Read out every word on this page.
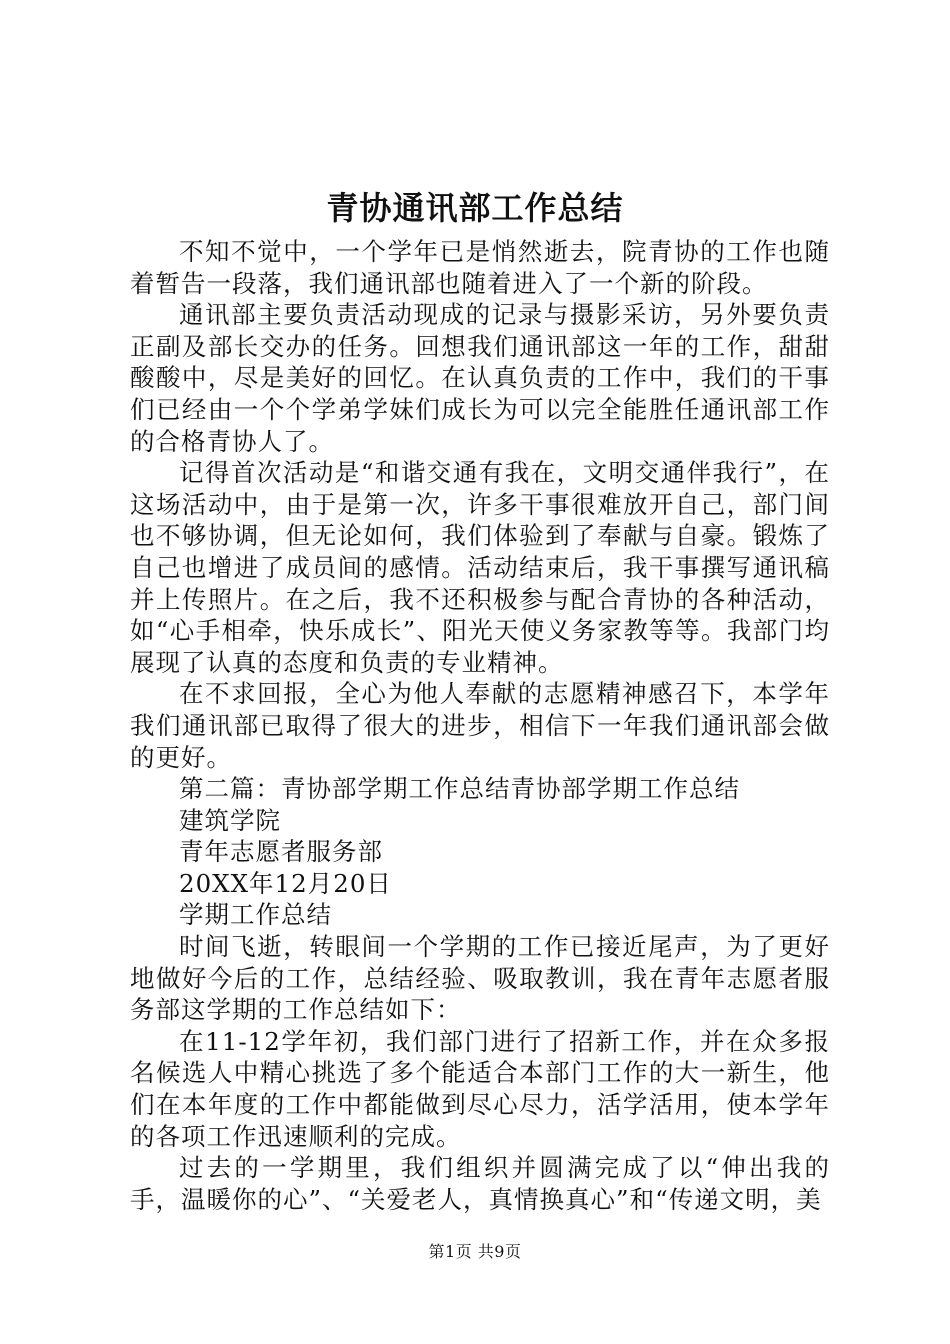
青协通讯部工作总结

不知不觉中，一个学年已是悄然逝去，院青协的工作也随着暂告一段落，我们通讯部也随着进入了一个新的阶段。

通讯部主要负责活动现成的记录与摄影采访，另外要负责正副及部长交办的任务。回想我们通讯部这一年的工作，甜甜酸酸中，尽是美好的回忆。在认真负责的工作中，我们的干事们已经由一个个学弟学妹们成长为可以完全能胜任通讯部工作的合格青协人了。

记得首次活动是“和谐交通有我在，文明交通伴我行”，在这场活动中，由于是第一次，许多干事很难放开自己，部门间也不够协调，但无论如何，我们体验到了奉献与自豪。锻炼了自己也增进了成员间的感情。活动结束后，我干事撰写通讯稿并上传照片。在之后，我不还积极参与配合青协的各种活动，如“心手相牵，快乐成长”、阳光天使义务家教等等。我部门均展现了认真的态度和负责的专业精神。

在不求回报，全心为他人奉献的志愿精神感召下，本学年我们通讯部已取得了很大的进步，相信下一年我们通讯部会做的更好。

第二篇：青协部学期工作总结青协部学期工作总结

建筑学院

青年志愿者服务部

20XX年12月20日

学期工作总结

时间飞逝，转眼间一个学期的工作已接近尾声，为了更好地做好今后的工作，总结经验、吸取教训，我在青年志愿者服务部这学期的工作总结如下：

在11-12学年初，我们部门进行了招新工作，并在众多报名候选人中精心挑选了多个能适合本部门工作的大一新生，他们在本年度的工作中都能做到尽心尽力，活学活用，使本学年的各项工作迅速顺利的完成。

过去的一学期里，我们组织并圆满完成了以“伸出我的手，温暖你的心”、“关爱老人，真情换真心”和“传递文明，美

第1页 共9页
